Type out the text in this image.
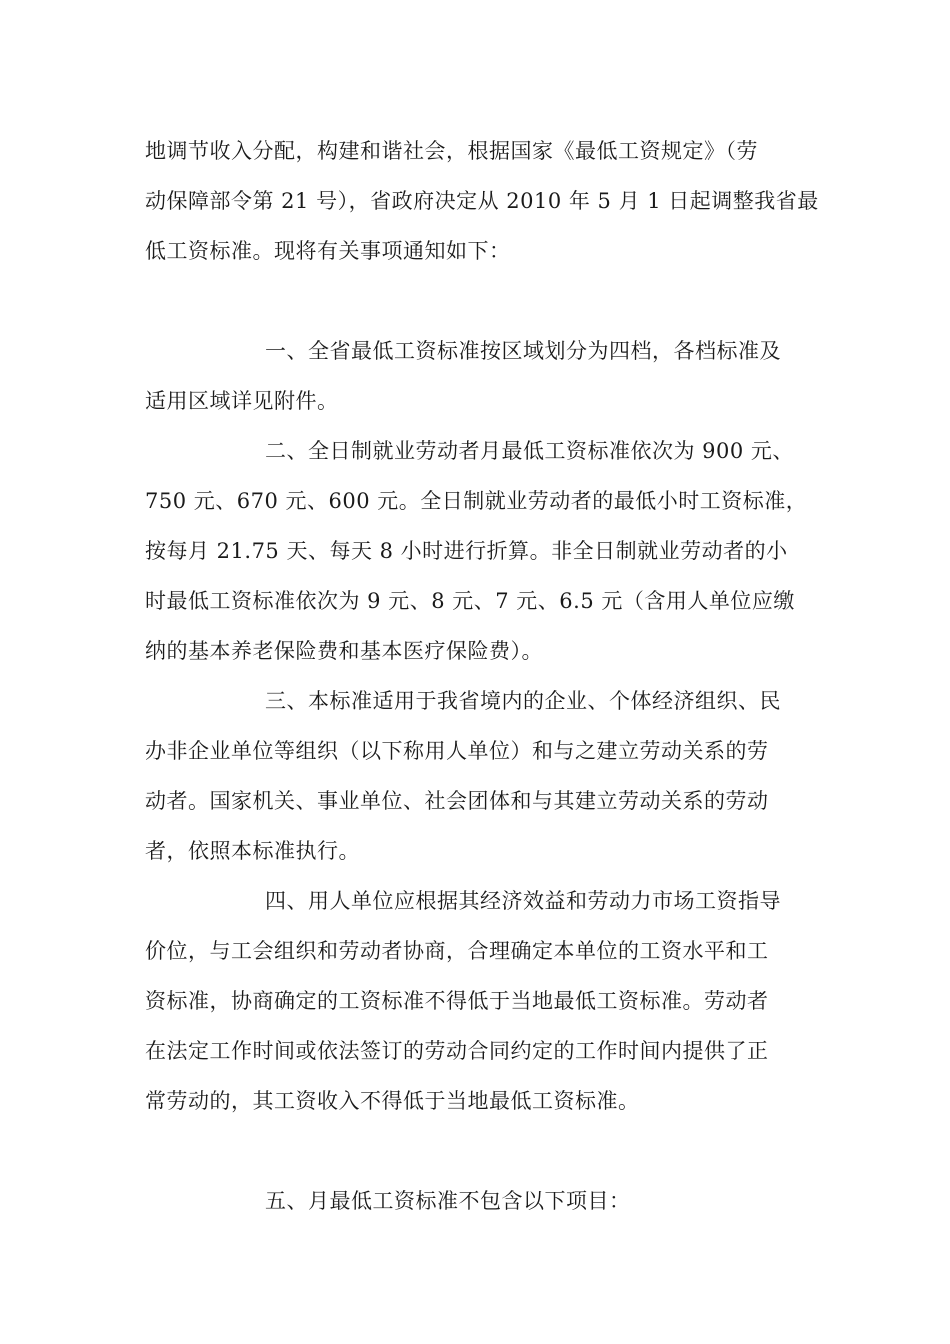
地调节收入分配，构建和谐社会，根据国家《最低工资规定》（劳
动保障部令第 21 号），省政府决定从 2010 年 5 月 1 日起调整我省最
低工资标准。现将有关事项通知如下：
一、全省最低工资标准按区域划分为四档，各档标准及
适用区域详见附件。
二、全日制就业劳动者月最低工资标准依次为 900 元、
750 元、670 元、600 元。全日制就业劳动者的最低小时工资标准，
按每月 21.75 天、每天 8 小时进行折算。非全日制就业劳动者的小
时最低工资标准依次为 9 元、8 元、7 元、6.5 元（含用人单位应缴
纳的基本养老保险费和基本医疗保险费）。
三、本标准适用于我省境内的企业、个体经济组织、民
办非企业单位等组织（以下称用人单位）和与之建立劳动关系的劳
动者。国家机关、事业单位、社会团体和与其建立劳动关系的劳动
者，依照本标准执行。
四、用人单位应根据其经济效益和劳动力市场工资指导
价位，与工会组织和劳动者协商，合理确定本单位的工资水平和工
资标准，协商确定的工资标准不得低于当地最低工资标准。劳动者
在法定工作时间或依法签订的劳动合同约定的工作时间内提供了正
常劳动的，其工资收入不得低于当地最低工资标准。
五、月最低工资标准不包含以下项目：
